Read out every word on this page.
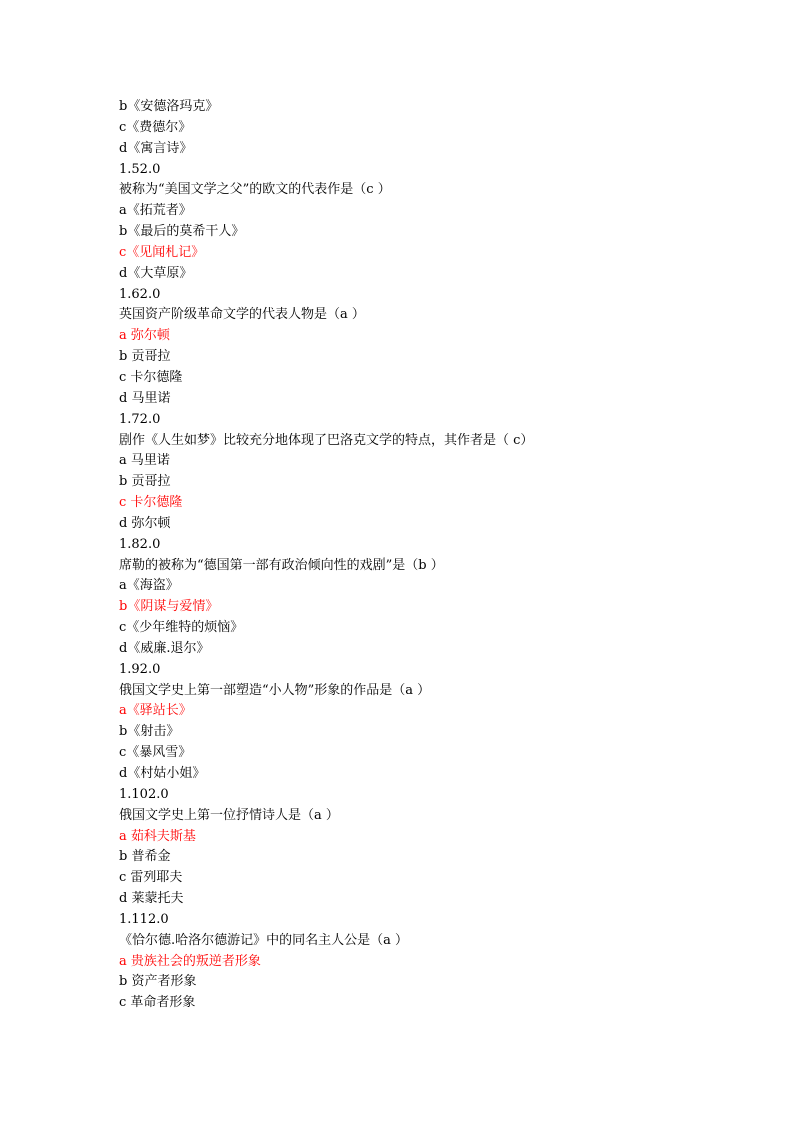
b《安德洛玛克》
c《费德尔》
d《寓言诗》
1.52.0
被称为“美国文学之父”的欧文的代表作是（c ）
a《拓荒者》
b《最后的莫希干人》
c《见闻札记》
d《大草原》
1.62.0
英国资产阶级革命文学的代表人物是（a ）
a 弥尔顿
b 贡哥拉
c 卡尔德隆
d 马里诺
1.72.0
剧作《人生如梦》比较充分地体现了巴洛克文学的特点，其作者是（ c）
a 马里诺
b 贡哥拉
c 卡尔德隆
d 弥尔顿
1.82.0
席勒的被称为“德国第一部有政治倾向性的戏剧”是（b ）
a《海盗》
b《阴谋与爱情》
c《少年维特的烦恼》
d《威廉.退尔》
1.92.0
俄国文学史上第一部塑造“小人物”形象的作品是（a ）
a《驿站长》
b《射击》
c《暴风雪》
d《村姑小姐》
1.102.0
俄国文学史上第一位抒情诗人是（a ）
a 茹科夫斯基
b 普希金
c 雷列耶夫
d 莱蒙托夫
1.112.0
《恰尔德.哈洛尔德游记》中的同名主人公是（a ）
a 贵族社会的叛逆者形象
b 资产者形象
c 革命者形象
